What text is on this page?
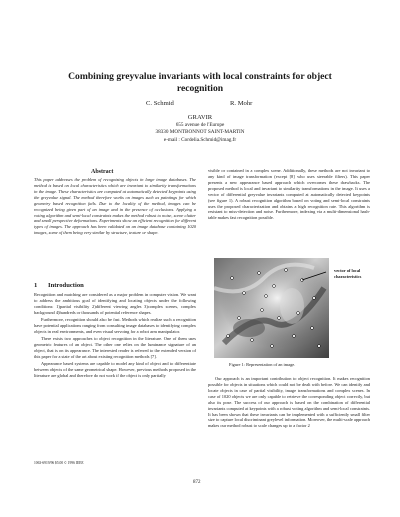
Combining greyvalue invariants with local constraints for object
recognition
C. Schmid	R. Mohr
GRAVIR
655 avenue de l'Europe
38330 MONTBONNOT SAINT-MARTIN
e-mail : Cordelia.Schmid@imag.fr
Abstract

This paper addresses the problem of recognizing objects in large image databases. The method is based on local characteristics which are invariant to similarity transformations in the image. These characteristics are computed at automatically detected keypoints using the greyvalue signal. The method therefore works on images such as paintings for which geometry based recognition fails. Due to the locality of the method, images can be recognized being given part of an image and in the presence of occlusions. Applying a voting algorithm and semi-local constraints makes the method robust to noise, scene clutter and small perspective deformations. Experiments show an efficient recognition for different types of images. The approach has been validated on an image database containing 1020 images, some of them being very similar by structure, texture or shape.

1 Introduction

Recognition and matching are considered as a major problem in computer vision. We want to address the ambitious goal of identifying and locating objects under the following conditions: 1)partial visibility 2)different viewing angles 3)complex scenes, complex background 4)hundreds or thousands of potential reference shapes.

Furthermore, recognition should also be fast. Methods which realize such a recognition have potential applications ranging from consulting image databases to identifying complex objects in real environments, and even visual servoing for a robot arm manipulator.

There exists two approaches to object recognition in the literature. One of them uses geometric features of an object. The other one relies on the luminance signature of an object, that is on its appearance. The interested reader is referred to the extended version of this paper for a state of the art about existing recognition methods [7].

Appearance based systems are capable to model any kind of object and to differentiate between objects of the same geometrical shape. However, previous methods proposed in the literature are global and therefore do not work if the object is only partially

visible or contained in a complex scene. Additionally, these methods are not invariant to any kind of image transformation (except [8] who uses steerable filters). This paper presents a new appearance based approach which overcomes these drawbacks. The proposed method is local and invariant to similarity transformations in the image. It uses a vector of differential greyvalue invariants computed at automatically detected keypoints (see figure 1). A robust recognition algorithm based on voting and semi-local constraints uses the proposed characterization and obtains a high recognition rate. This algorithm is resistant to miss-detection and noise. Furthermore, indexing via a multi-dimensional hash-table makes fast recognition possible.

vector of local characteristics
Figure 1: Representation of an image.

Our approach is an important contribution to object recognition. It makes recognition possible for objects in situations which could not be dealt with before. We can identify and locate objects in case of partial visibility, image transformations and complex scenes. In case of 1020 objects we are only capable to retrieve the corresponding object correctly, but also its pose. The success of our approach is based on the combination of differential invariants computed at keypoints with a robust voting algorithm and semi-local constraints. It has been shown that these invariants can be implemented with a sufficiently small filter size to capture local discriminant greylevel information. Moreover, the multi-scale approach makes our method robust to scale changes up to a factor 2

1063-6919/96 $5.00 © 1996 IEEE
872
